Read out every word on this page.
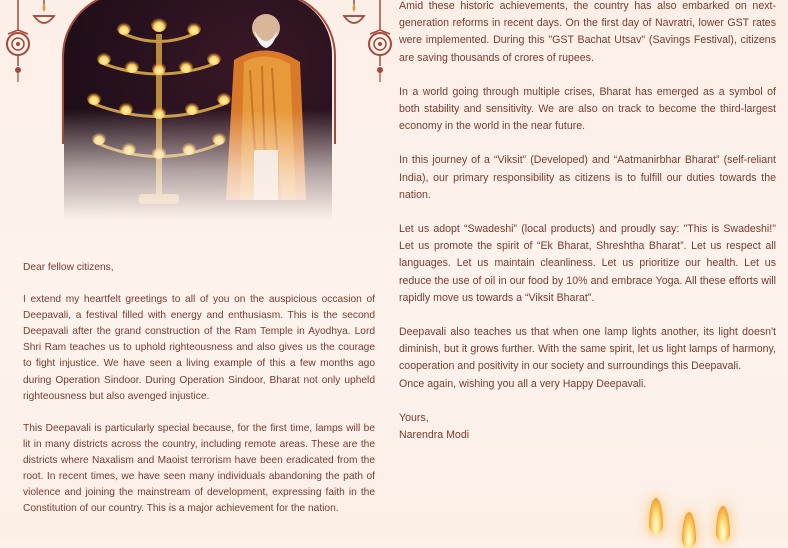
Dear fellow citizens,

I extend my heartfelt greetings to all of you on the auspicious occasion of Deepavali, a festival filled with energy and enthusiasm. This is the second Deepavali after the grand construction of the Ram Temple in Ayodhya. Lord Shri Ram teaches us to uphold righteousness and also gives us the courage to fight injustice. We have seen a living example of this a few months ago during Operation Sindoor. During Operation Sindoor, Bharat not only upheld righteousness but also avenged injustice.

This Deepavali is particularly special because, for the first time, lamps will be lit in many districts across the country, including remote areas. These are the districts where Naxalism and Maoist terrorism have been eradicated from the root. In recent times, we have seen many individuals abandoning the path of violence and joining the mainstream of development, expressing faith in the Constitution of our country. This is a major achievement for the nation.

Amid these historic achievements, the country has also embarked on next-generation reforms in recent days. On the first day of Navratri, lower GST rates were implemented. During this "GST Bachat Utsav" (Savings Festival), citizens are saving thousands of crores of rupees.

In a world going through multiple crises, Bharat has emerged as a symbol of both stability and sensitivity. We are also on track to become the third-largest economy in the world in the near future.

In this journey of a “Viksit” (Developed) and “Aatmanirbhar Bharat” (self-reliant India), our primary responsibility as citizens is to fulfill our duties towards the nation.

Let us adopt “Swadeshi” (local products) and proudly say: "This is Swadeshi!" Let us promote the spirit of “Ek Bharat, Shreshtha Bharat”. Let us respect all languages. Let us maintain cleanliness. Let us prioritize our health. Let us reduce the use of oil in our food by 10% and embrace Yoga. All these efforts will rapidly move us towards a “Viksit Bharat”.

Deepavali also teaches us that when one lamp lights another, its light doesn't diminish, but it grows further. With the same spirit, let us light lamps of harmony, cooperation and positivity in our society and surroundings this Deepavali.

Once again, wishing you all a very Happy Deepavali.

Yours,

Narendra Modi
